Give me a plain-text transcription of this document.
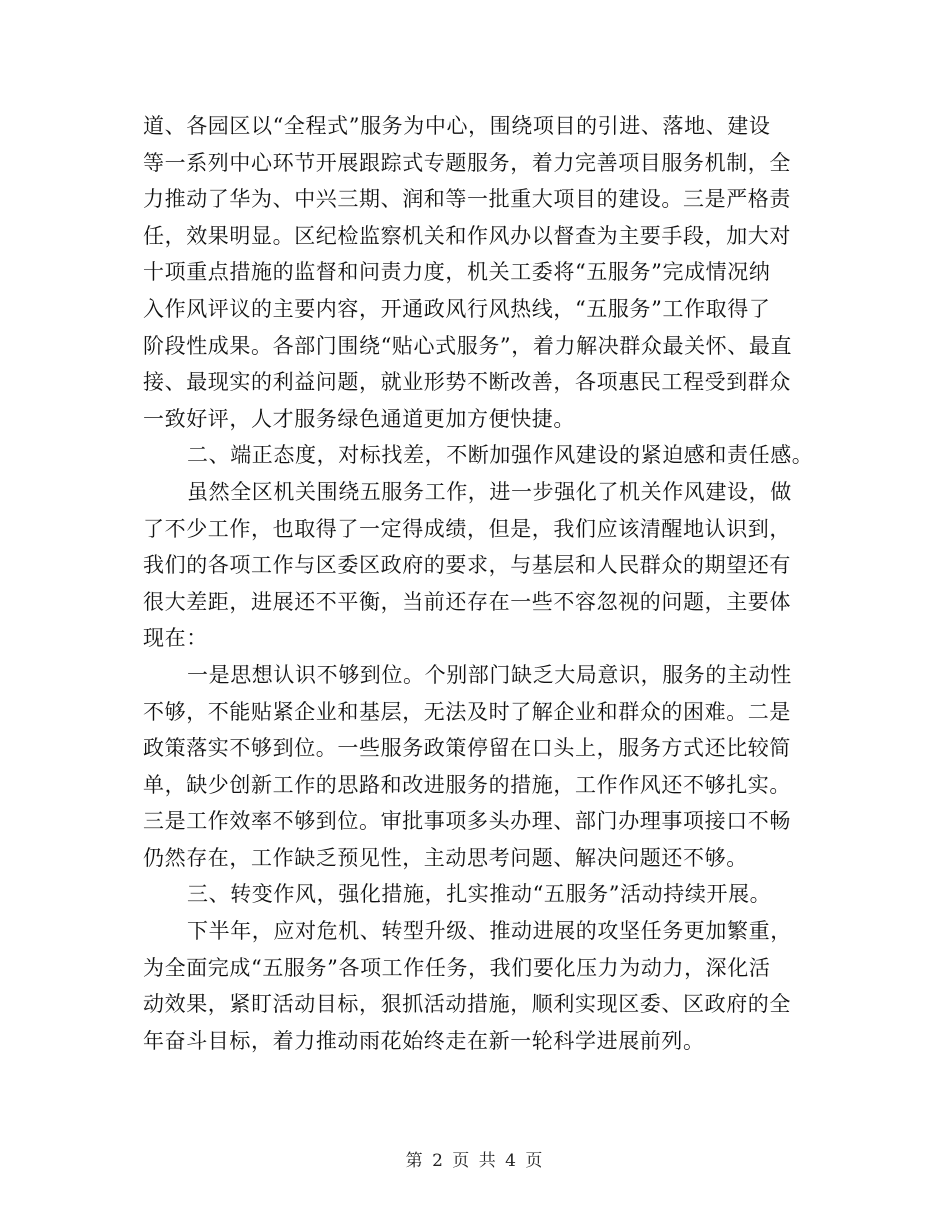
道、各园区以“全程式”服务为中心，围绕项目的引进、落地、建设
等一系列中心环节开展跟踪式专题服务，着力完善项目服务机制，全
力推动了华为、中兴三期、润和等一批重大项目的建设。三是严格责
任，效果明显。区纪检监察机关和作风办以督查为主要手段，加大对
十项重点措施的监督和问责力度，机关工委将“五服务”完成情况纳
入作风评议的主要内容，开通政风行风热线，“五服务”工作取得了
阶段性成果。各部门围绕“贴心式服务”，着力解决群众最关怀、最直
接、最现实的利益问题，就业形势不断改善，各项惠民工程受到群众
一致好评，人才服务绿色通道更加方便快捷。
二、端正态度，对标找差，不断加强作风建设的紧迫感和责任感。
虽然全区机关围绕五服务工作，进一步强化了机关作风建设，做
了不少工作，也取得了一定得成绩，但是，我们应该清醒地认识到，
我们的各项工作与区委区政府的要求，与基层和人民群众的期望还有
很大差距，进展还不平衡，当前还存在一些不容忽视的问题，主要体
现在：
一是思想认识不够到位。个别部门缺乏大局意识，服务的主动性
不够，不能贴紧企业和基层，无法及时了解企业和群众的困难。二是
政策落实不够到位。一些服务政策停留在口头上，服务方式还比较简
单，缺少创新工作的思路和改进服务的措施，工作作风还不够扎实。
三是工作效率不够到位。审批事项多头办理、部门办理事项接口不畅
仍然存在，工作缺乏预见性，主动思考问题、解决问题还不够。
三、转变作风，强化措施，扎实推动“五服务”活动持续开展。
下半年，应对危机、转型升级、推动进展的攻坚任务更加繁重，
为全面完成“五服务”各项工作任务，我们要化压力为动力，深化活
动效果，紧盯活动目标，狠抓活动措施，顺利实现区委、区政府的全
年奋斗目标，着力推动雨花始终走在新一轮科学进展前列。
第 2 页 共 4 页
